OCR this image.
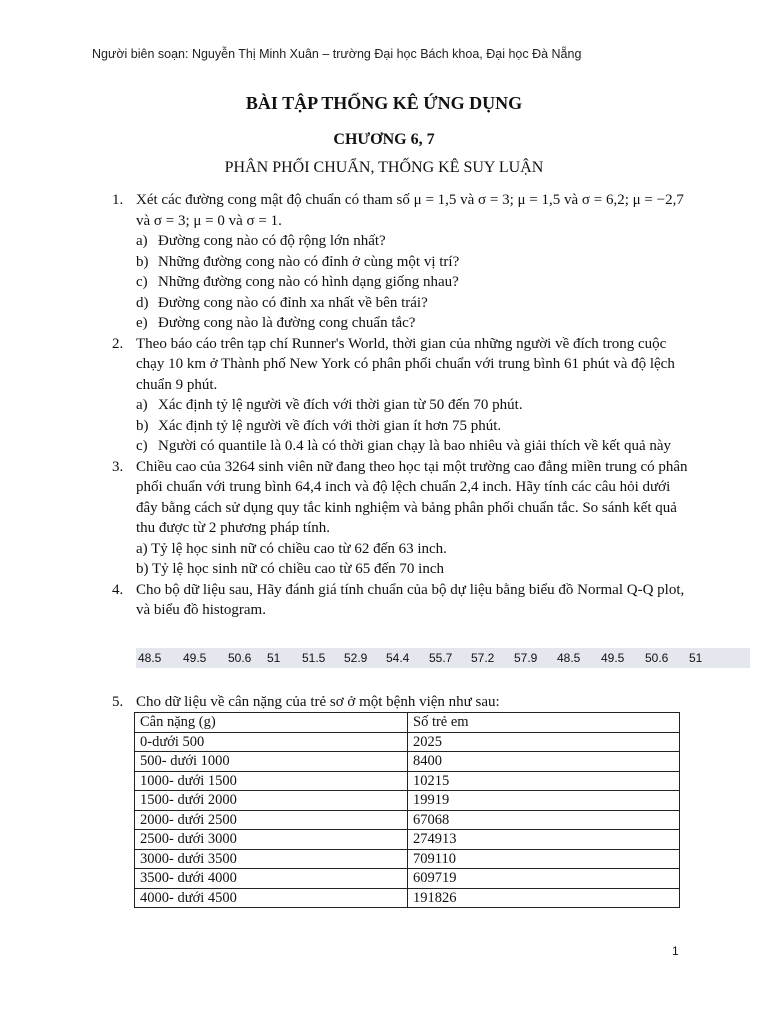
Người biên soạn: Nguyễn Thị Minh Xuân – trường Đại học Bách khoa, Đại học Đà Nẵng
BÀI TẬP THỐNG KÊ ỨNG DỤNG
CHƯƠNG 6, 7
PHÂN PHỐI CHUẨN, THỐNG KÊ SUY LUẬN
1. Xét các đường cong mật độ chuẩn có tham số μ = 1,5 và σ = 3; μ = 1,5 và σ = 6,2; μ = −2,7 và σ = 3; μ = 0 và σ = 1.
a) Đường cong nào có độ rộng lớn nhất?
b) Những đường cong nào có đỉnh ở cùng một vị trí?
c) Những đường cong nào có hình dạng giống nhau?
d) Đường cong nào có đỉnh xa nhất về bên trái?
e) Đường cong nào là đường cong chuẩn tắc?
2. Theo báo cáo trên tạp chí Runner's World, thời gian của những người về đích trong cuộc chạy 10 km ở Thành phố New York có phân phối chuẩn với trung bình 61 phút và độ lệch chuẩn 9 phút.
a) Xác định tỷ lệ người về đích với thời gian từ 50 đến 70 phút.
b) Xác định tỷ lệ người về đích với thời gian ít hơn 75 phút.
c) Người có quantile là 0.4 là có thời gian chạy là bao nhiêu và giải thích về kết quả này
3. Chiều cao của 3264 sinh viên nữ đang theo học tại một trường cao đẳng miền trung có phân phối chuẩn với trung bình 64,4 inch và độ lệch chuẩn 2,4 inch. Hãy tính các câu hỏi dưới đây bằng cách sử dụng quy tắc kinh nghiệm và bảng phân phối chuẩn tắc. So sánh kết quả thu được từ 2 phương pháp tính.
a) Tỷ lệ học sinh nữ có chiều cao từ 62 đến 63 inch.
b) Tỷ lệ học sinh nữ có chiều cao từ 65 đến 70 inch
4. Cho bộ dữ liệu sau, Hãy đánh giá tính chuẩn của bộ dự liệu bằng biểu đồ Normal Q-Q plot, và biểu đồ histogram.
48.5	49.5	50.6	51	51.5	52.9	54.4	55.7	57.2	57.9	48.5	49.5	50.6	51
5. Cho dữ liệu về cân nặng của trẻ sơ ở một bệnh viện như sau:
Cân nặng (g)	Số trẻ em
0-dưới 500	2025
500- dưới 1000	8400
1000- dưới 1500	10215
1500- dưới 2000	19919
2000- dưới 2500	67068
2500- dưới 3000	274913
3000- dưới 3500	709110
3500- dưới 4000	609719
4000- dưới 4500	191826
1
